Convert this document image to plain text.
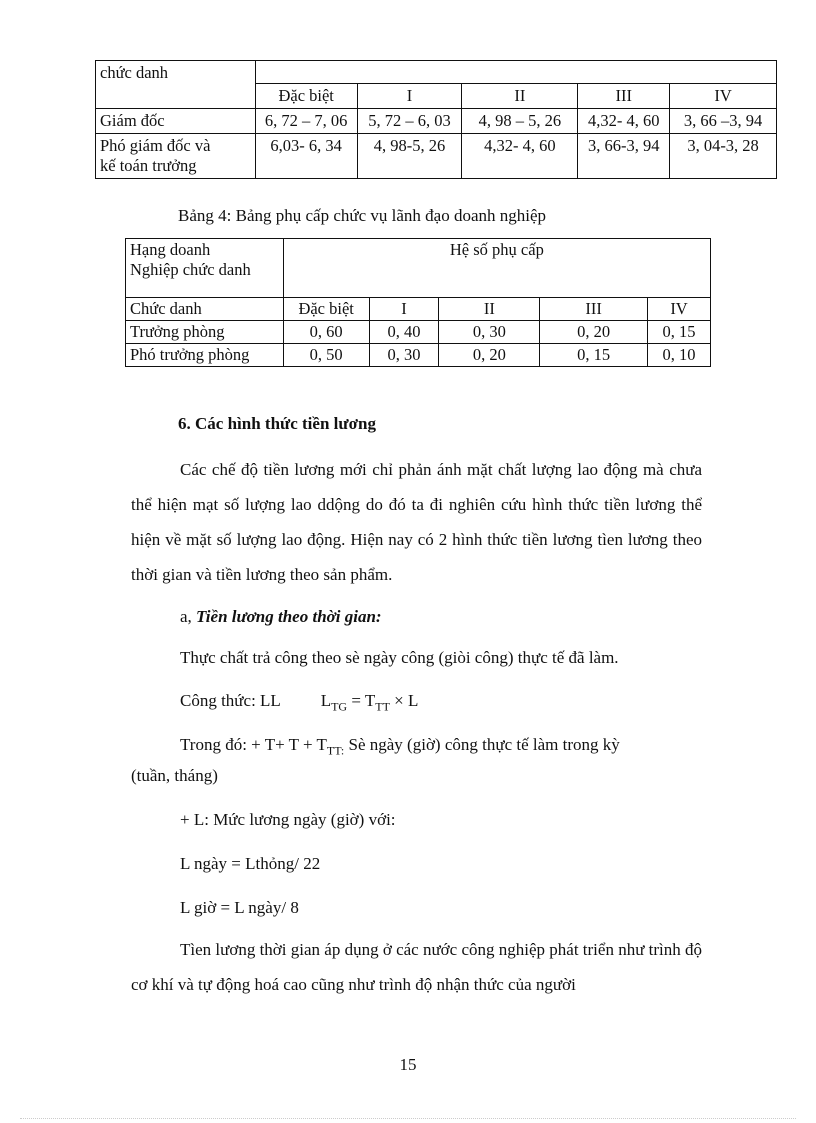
chức danh					
	Đặc biệt	I	II	III	IV
Giám đốc	6, 72 – 7, 06	5, 72 – 6, 03	4, 98 – 5, 26	4,32- 4, 60	3, 66 –3, 94

Phó giám đốc và
kế toán trưởng	6,03- 6, 34	4, 98-5, 26	4,32- 4, 60	3, 66-3, 94	3, 04-3, 28
Bảng 4: Bảng phụ cấp chức vụ lãnh đạo doanh nghiệp
Hạng doanh
Nghiệp chức danh	Hệ số phụ cấp				
Chức danh	Đặc biệt	I	II	III	IV
Trưởng phòng	0, 60	0, 40	0, 30	0, 20	0, 15
Phó trưởng phòng	0, 50	0, 30	0, 20	0, 15	0, 10
6. Các hình thức tiền lương
Các chế độ tiền lương mới chỉ phản ánh mặt chất lượng lao động mà chưa thể hiện mạt số lượng lao ddộng do đó ta đi nghiên cứu hình thức tiền lương thể hiện về mặt số lượng lao động. Hiện nay có 2 hình thức tiền lương tìen lương theo thời gian và tiền lương theo sản phẩm.
a, Tiền lương theo thời gian:
Thực chất trả công theo sè ngày công (giòi công) thực tế đã làm.
Công thức: LL $L_{TG} = T_{TT} \times L$
Trong đó: + $T+ T + T_{TT:}$ Sè ngày (giờ) công thực tế làm trong kỳ
(tuần, tháng)
+ L: Mức lương ngày (giờ) với:
L ngày = Lthỏng/ 22
L giờ = L ngày/ 8
Tìen lương thời gian áp dụng ở các nước công nghiệp phát triển như trình độ cơ khí và tự động hoá cao cũng như trình độ nhận thức của người
15
